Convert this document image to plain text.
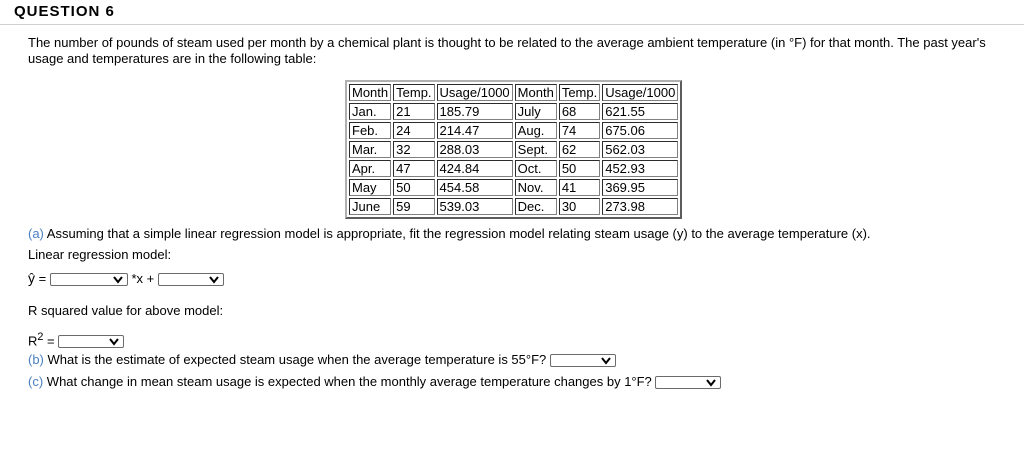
QUESTION 6
The number of pounds of steam used per month by a chemical plant is thought to be related to the average ambient temperature (in °F) for that month. The past year's usage and temperatures are in the following table:
Month	Temp.	Usage/1000	Month	Temp.	Usage/1000
Jan.	21	185.79	July	68	621.55
Feb.	24	214.47	Aug.	74	675.06
Mar.	32	288.03	Sept.	62	562.03
Apr.	47	424.84	Oct.	50	452.93
May	50	454.58	Nov.	41	369.95
June	59	539.03	Dec.	30	273.98
(a) Assuming that a simple linear regression model is appropriate, fit the regression model relating steam usage (y) to the average temperature (x).
Linear regression model:
ŷ =	*x +
R squared value for above model:
$R^2$ =
(b) What is the estimate of expected steam usage when the average temperature is 55°F?
(c) What change in mean steam usage is expected when the monthly average temperature changes by 1°F?
